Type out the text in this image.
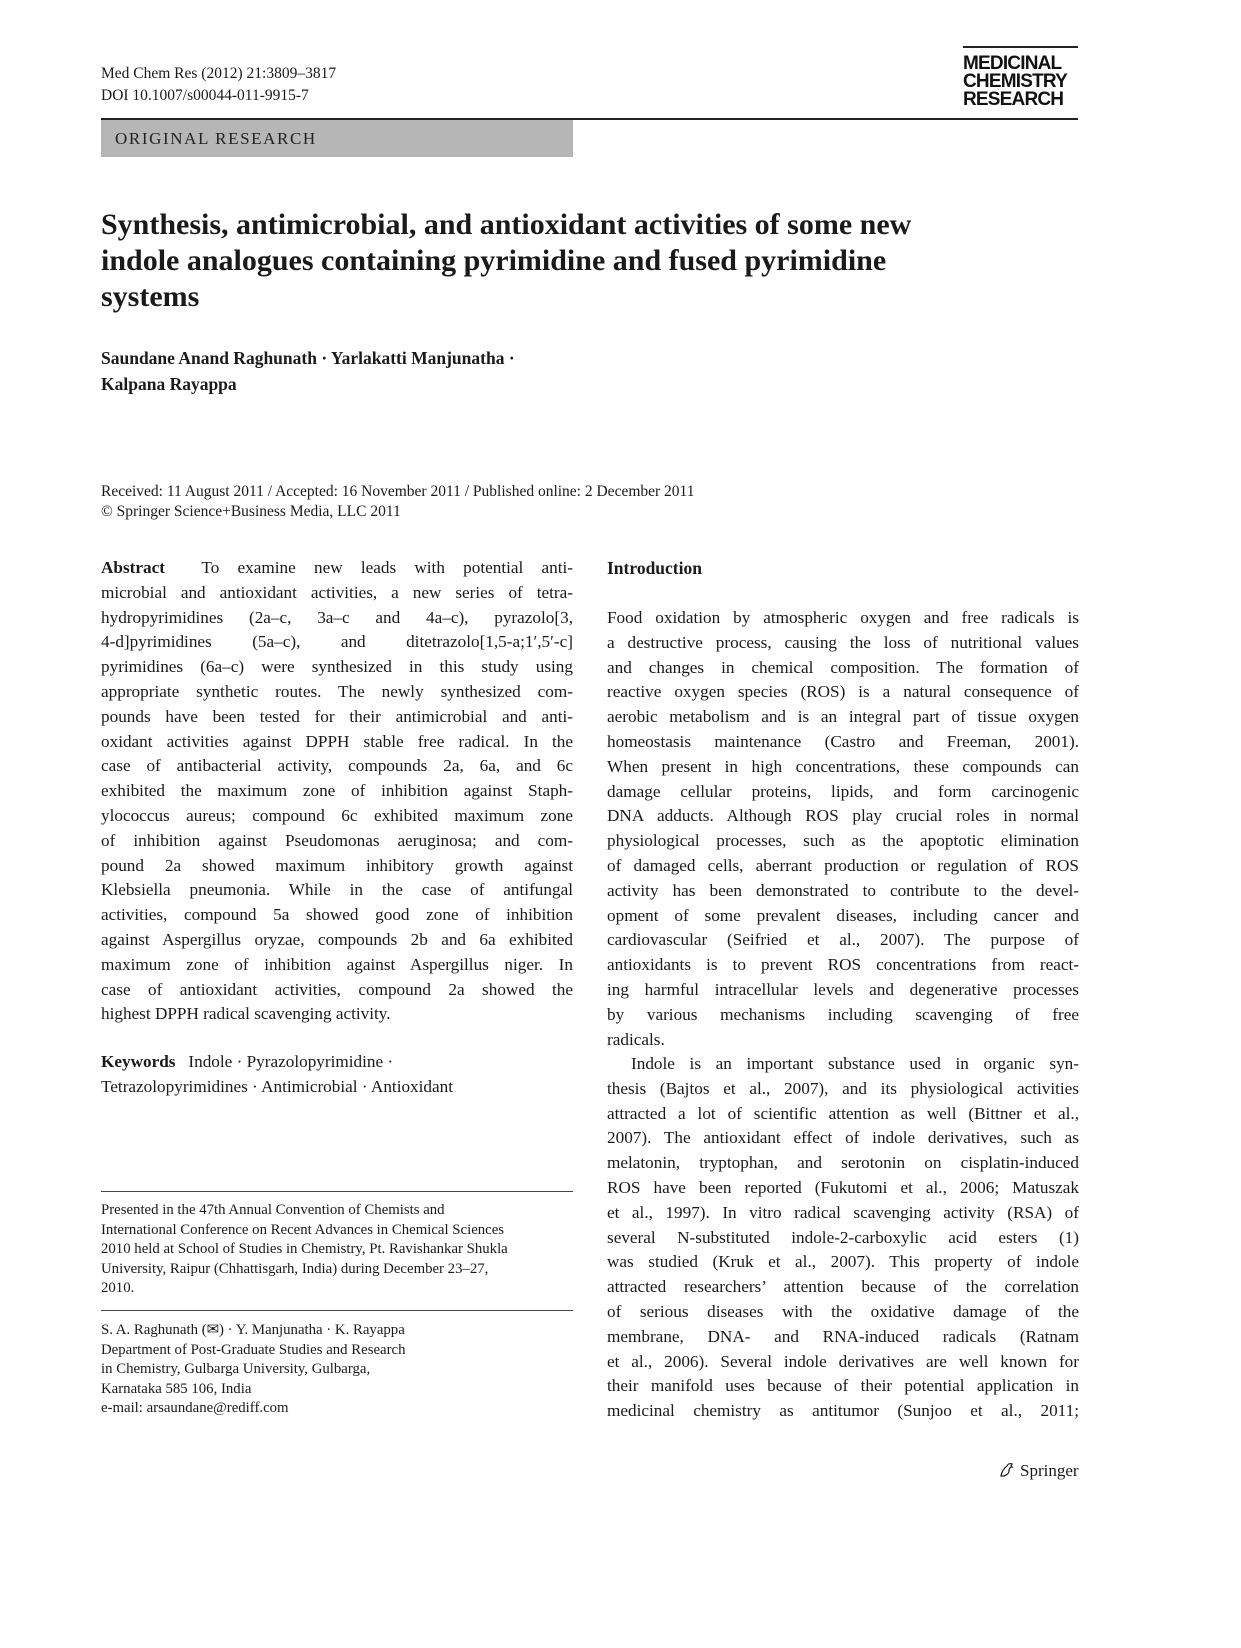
Med Chem Res (2012) 21:3809–3817
DOI 10.1007/s00044-011-9915-7
MEDICINAL
CHEMISTRY
RESEARCH
ORIGINAL RESEARCH
Synthesis, antimicrobial, and antioxidant activities of some new
indole analogues containing pyrimidine and fused pyrimidine
systems
Saundane Anand Raghunath · Yarlakatti Manjunatha ·
Kalpana Rayappa
Received: 11 August 2011 / Accepted: 16 November 2011 / Published online: 2 December 2011
© Springer Science+Business Media, LLC 2011
Abstract To examine new leads with potential anti-
microbial and antioxidant activities, a new series of tetra-
hydropyrimidines (2a–c, 3a–c and 4a–c), pyrazolo[3,
4-d]pyrimidines (5a–c), and ditetrazolo[1,5-a;1′,5′-c]
pyrimidines (6a–c) were synthesized in this study using
appropriate synthetic routes. The newly synthesized com-
pounds have been tested for their antimicrobial and anti-
oxidant activities against DPPH stable free radical. In the
case of antibacterial activity, compounds 2a, 6a, and 6c
exhibited the maximum zone of inhibition against Staph-
ylococcus aureus; compound 6c exhibited maximum zone
of inhibition against Pseudomonas aeruginosa; and com-
pound 2a showed maximum inhibitory growth against
Klebsiella pneumonia. While in the case of antifungal
activities, compound 5a showed good zone of inhibition
against Aspergillus oryzae, compounds 2b and 6a exhibited
maximum zone of inhibition against Aspergillus niger. In
case of antioxidant activities, compound 2a showed the
highest DPPH radical scavenging activity.
Keywords Indole · Pyrazolopyrimidine ·
Tetrazolopyrimidines · Antimicrobial · Antioxidant

Presented in the 47th Annual Convention of Chemists and

International Conference on Recent Advances in Chemical Sciences

2010 held at School of Studies in Chemistry, Pt. Ravishankar Shukla

University, Raipur (Chhattisgarh, India) during December 23–27,

2010.

S. A. Raghunath (✉) · Y. Manjunatha · K. Rayappa

Department of Post-Graduate Studies and Research

in Chemistry, Gulbarga University, Gulbarga,

Karnataka 585 106, India

e-mail: arsaundane@rediff.com

Introduction
Food oxidation by atmospheric oxygen and free radicals is
a destructive process, causing the loss of nutritional values
and changes in chemical composition. The formation of
reactive oxygen species (ROS) is a natural consequence of
aerobic metabolism and is an integral part of tissue oxygen
homeostasis maintenance (Castro and Freeman, 2001).
When present in high concentrations, these compounds can
damage cellular proteins, lipids, and form carcinogenic
DNA adducts. Although ROS play crucial roles in normal
physiological processes, such as the apoptotic elimination
of damaged cells, aberrant production or regulation of ROS
activity has been demonstrated to contribute to the devel-
opment of some prevalent diseases, including cancer and
cardiovascular (Seifried et al., 2007). The purpose of
antioxidants is to prevent ROS concentrations from react-
ing harmful intracellular levels and degenerative processes
by various mechanisms including scavenging of free
radicals.
Indole is an important substance used in organic syn-
thesis (Bajtos et al., 2007), and its physiological activities
attracted a lot of scientific attention as well (Bittner et al.,
2007). The antioxidant effect of indole derivatives, such as
melatonin, tryptophan, and serotonin on cisplatin-induced
ROS have been reported (Fukutomi et al., 2006; Matuszak
et al., 1997). In vitro radical scavenging activity (RSA) of
several N-substituted indole-2-carboxylic acid esters (1)
was studied (Kruk et al., 2007). This property of indole
attracted researchers’ attention because of the correlation
of serious diseases with the oxidative damage of the
membrane, DNA- and RNA-induced radicals (Ratnam
et al., 2006). Several indole derivatives are well known for
their manifold uses because of their potential application in
medicinal chemistry as antitumor (Sunjoo et al., 2011;
Springer
